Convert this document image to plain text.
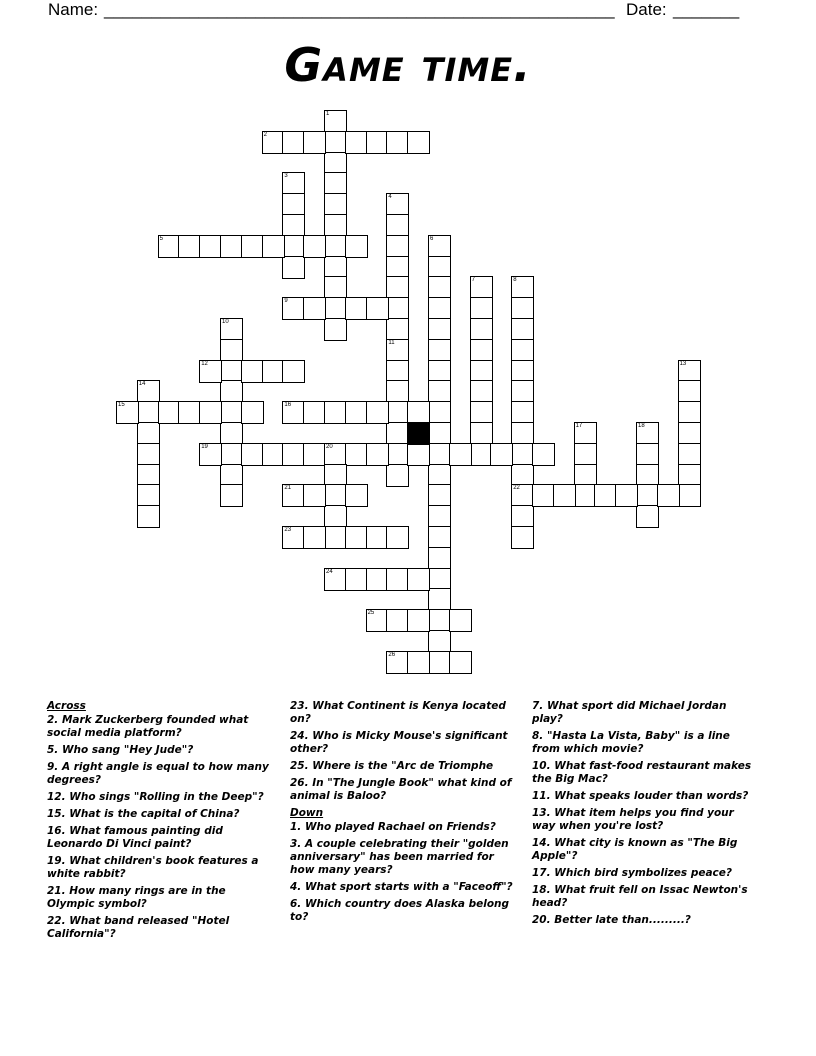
Name: ______________________________________________________ Date: _______
Game time.
1
2
3
4
11
5	6
7	8
22
9
10
12	13
14
15	16
17	18
19	20
21
23
24
25
26
Across
2. Mark Zuckerberg founded what social media platform?
5. Who sang "Hey Jude"?
9. A right angle is equal to how many degrees?
12. Who sings "Rolling in the Deep"?
15. What is the capital of China?
16. What famous painting did Leonardo Di Vinci paint?
19. What children's book features a white rabbit?
21. How many rings are in the Olympic symbol?
22. What band released "Hotel California"?
23. What Continent is Kenya located on?
24. Who is Micky Mouse's significant other?
25. Where is the "Arc de Triomphe
26. In "The Jungle Book" what kind of animal is Baloo?
Down
1. Who played Rachael on Friends?
3. A couple celebrating their "golden anniversary" has been married for how many years?
4. What sport starts with a "Faceoff"?
6. Which country does Alaska belong to?
7. What sport did Michael Jordan play?
8. "Hasta La Vista, Baby" is a line from which movie?
10. What fast-food restaurant makes the Big Mac?
11. What speaks louder than words?
13. What item helps you find your way when you're lost?
14. What city is known as "The Big Apple"?
17. Which bird symbolizes peace?
18. What fruit fell on Issac Newton's head?
20. Better late than.........?
